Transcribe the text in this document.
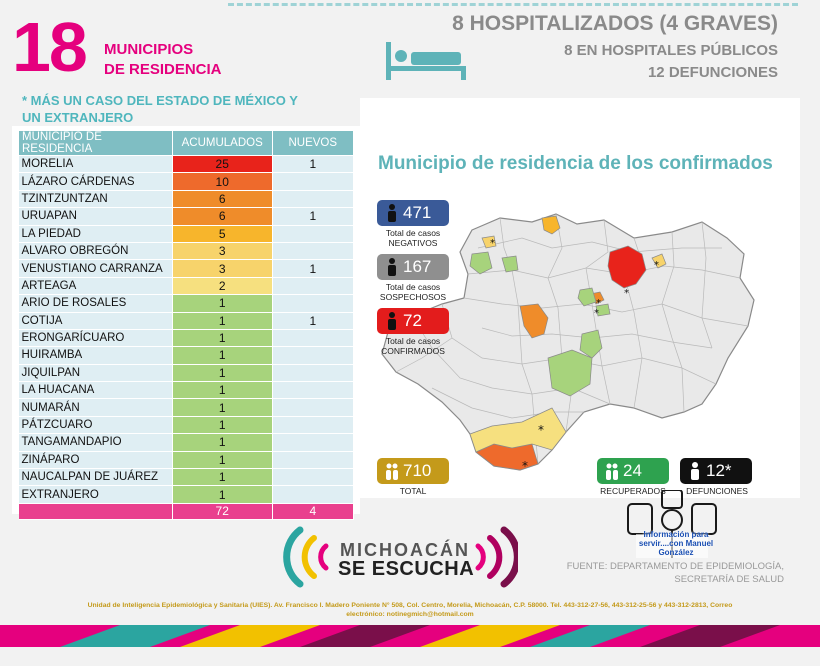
18 MUNICIPIOS
DE RESIDENCIA
* MÁS UN CASO DEL ESTADO DE MÉXICO Y UN EXTRANJERO
8 HOSPITALIZADOS (4 GRAVES)
8 EN HOSPITALES PÚBLICOS
12 DEFUNCIONES
MUNICIPIO DE RESIDENCIA	ACUMULADOS	NUEVOS
MORELIA	25	1
LÁZARO CÁRDENAS	10	
TZINTZUNTZAN	6	
URUAPAN	6	1
LA PIEDAD	5	
ALVARO OBREGÓN	3	
VENUSTIANO CARRANZA	3	1
ARTEAGA	2	
ARIO DE ROSALES	1	
COTIJA	1	1
ERONGARÍCUARO	1	
HUIRAMBA	1	
JIQUILPAN	1	
LA HUACANA	1	
NUMARÁN	1	
PÁTZCUARO	1	
TANGAMANDAPIO	1	
ZINÁPARO	1	
NAUCALPAN DE JUÁREZ	1	
EXTRANJERO	1	
	72	4
Municipio de residencia de los confirmados
*
*
*
*
*
*
*
471
Total de casos
NEGATIVOS
167
Total de casos
SOSPECHOSOS
72
Total de casos
CONFIRMADOS
710
TOTAL
24
RECUPERADOS
12*
DEFUNCIONES
Información para servir....con Manuel González
MICHOACÁN
SE ESCUCHA	FUENTE: DEPARTAMENTO DE EPIDEMIOLOGÍA,
SECRETARÍA DE SALUD
Unidad de Inteligencia Epidemiológica y Sanitaria (UIES). Av. Francisco I. Madero Poniente N° 508, Col. Centro, Morelia, Michoacán, C.P. 58000. Tel. 443-312-27-56, 443-312-25-56 y 443-312-2813, Correo
electrónico: notinegmich@hotmail.com
